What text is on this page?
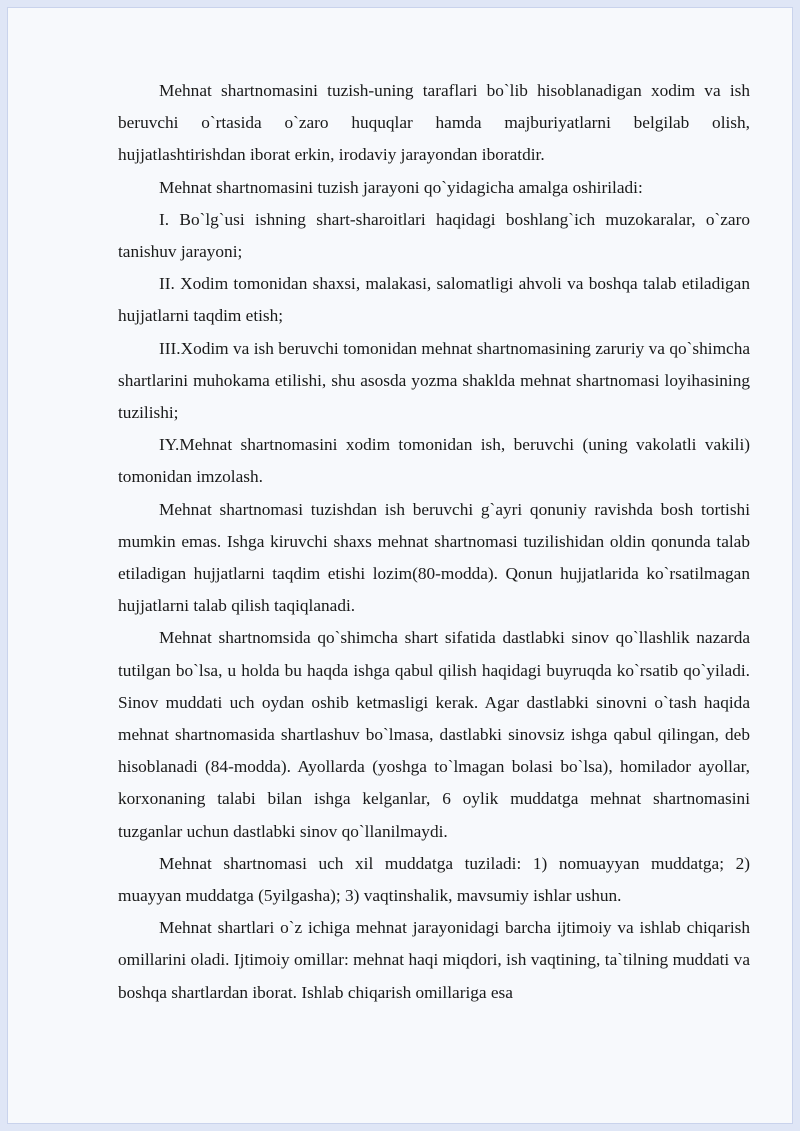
Mehnat shartnomasini tuzish-uning taraflari bo`lib hisoblanadigan xodim va ish beruvchi o`rtasida o`zaro huquqlar hamda majburiyatlarni belgilab olish, hujjatlashtirishdan iborat erkin, irodaviy jarayondan iboratdir.

Mehnat shartnomasini tuzish jarayoni qo`yidagicha amalga oshiriladi:

I. Bo`lg`usi ishning shart-sharoitlari haqidagi boshlang`ich muzokaralar, o`zaro tanishuv jarayoni;

II. Xodim tomonidan shaxsi, malakasi, salomatligi ahvoli va boshqa talab etiladigan hujjatlarni taqdim etish;

III.Xodim va ish beruvchi tomonidan mehnat shartnomasining zaruriy va qo`shimcha shartlarini muhokama etilishi, shu asosda yozma shaklda mehnat shartnomasi loyihasining tuzilishi;

IY.Mehnat shartnomasini xodim tomonidan ish, beruvchi (uning vakolatli vakili) tomonidan imzolash.

Mehnat shartnomasi tuzishdan ish beruvchi g`ayri qonuniy ravishda bosh tortishi mumkin emas. Ishga kiruvchi shaxs mehnat shartnomasi tuzilishidan oldin qonunda talab etiladigan hujjatlarni taqdim etishi lozim(80-modda). Qonun hujjatlarida ko`rsatilmagan hujjatlarni talab qilish taqiqlanadi.

Mehnat shartnomsida qo`shimcha shart sifatida dastlabki sinov qo`llashlik nazarda tutilgan bo`lsa, u holda bu haqda ishga qabul qilish haqidagi buyruqda ko`rsatib qo`yiladi. Sinov muddati uch oydan oshib ketmasligi kerak. Agar dastlabki sinovni o`tash haqida mehnat shartnomasida shartlashuv bo`lmasa, dastlabki sinovsiz ishga qabul qilingan, deb hisoblanadi (84-modda). Ayollarda (yoshga to`lmagan bolasi bo`lsa), homilador ayollar, korxonaning talabi bilan ishga kelganlar, 6 oylik muddatga mehnat shartnomasini tuzganlar uchun dastlabki sinov qo`llanilmaydi.

Mehnat shartnomasi uch xil muddatga tuziladi: 1) nomuayyan muddatga; 2) muayyan muddatga (5yilgasha); 3) vaqtinshalik, mavsumiy ishlar ushun.

Mehnat shartlari o`z ichiga mehnat jarayonidagi barcha ijtimoiy va ishlab chiqarish omillarini oladi. Ijtimoiy omillar: mehnat haqi miqdori, ish vaqtining, ta`tilning muddati va boshqa shartlardan iborat. Ishlab chiqarish omillariga esa
